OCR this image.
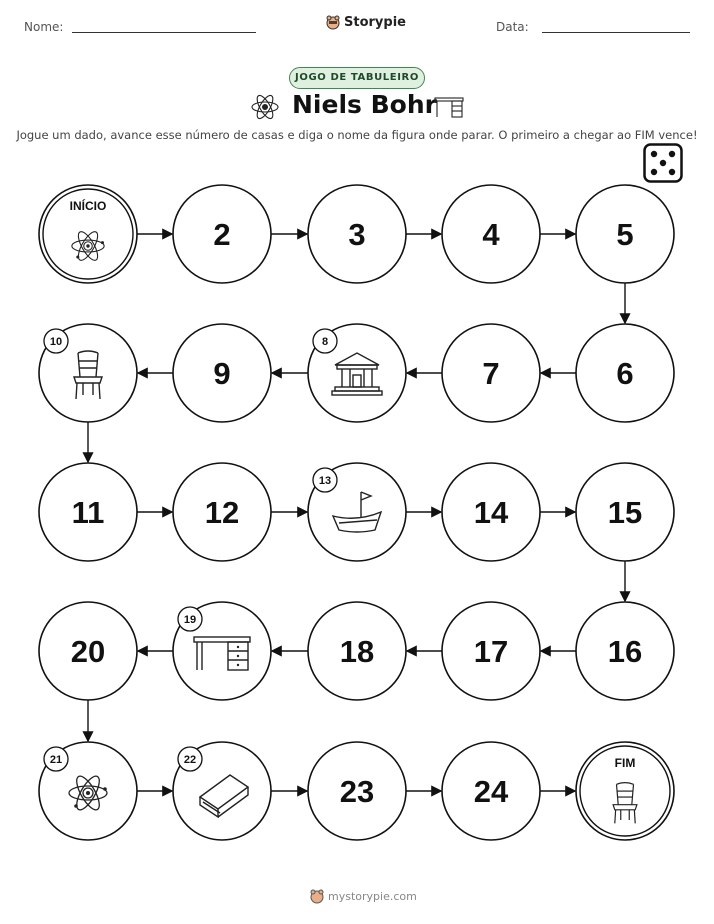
Nome:	Storypie	Data:
JOGO DE TABULEIRO
Niels Bohr
Jogue um dado, avance esse número de casas e diga o nome da figura onde parar. O primeiro a chegar ao FIM vence!
INÍCIO
2	3	4	5
6
7
8
9
10
11	12
13
14	15
16
17
18
19
20
21	22
23	24
FIM
mystorypie.com
